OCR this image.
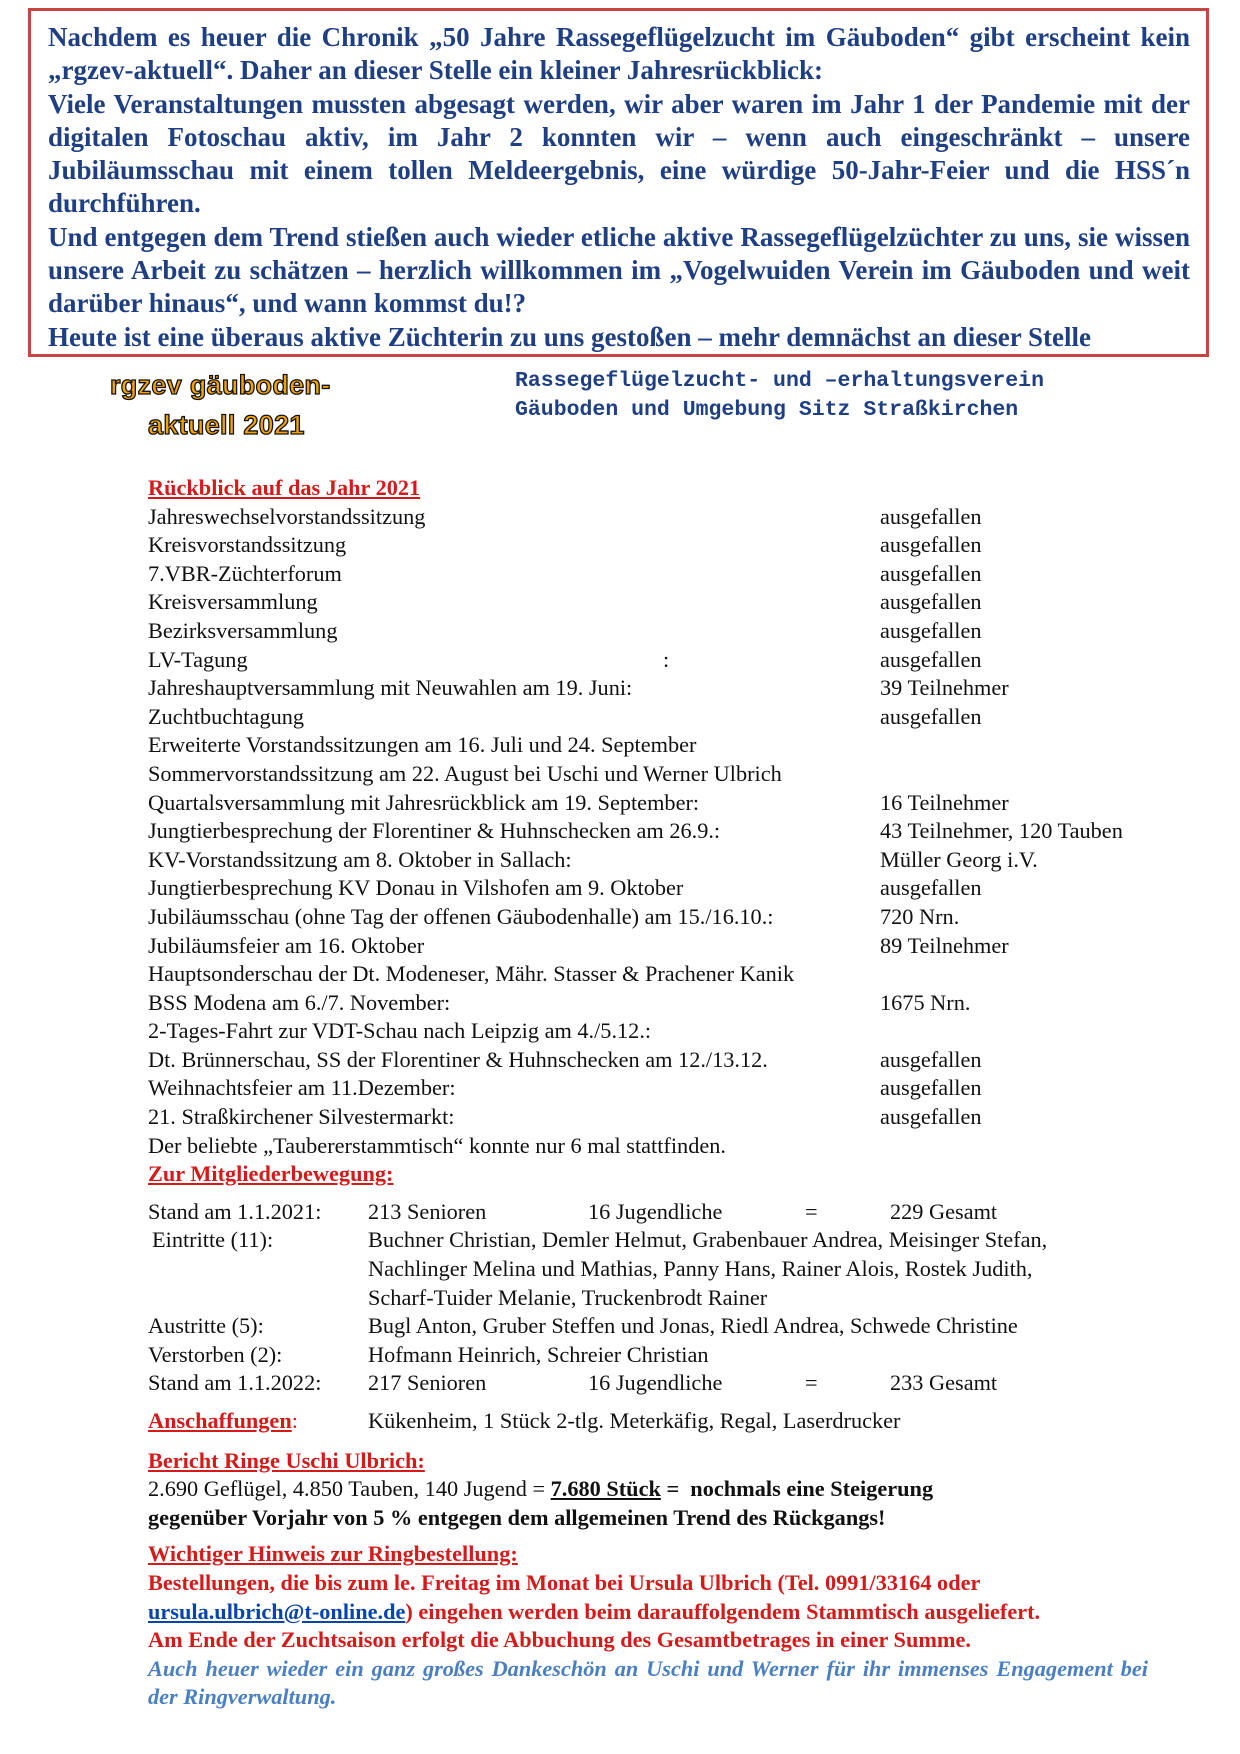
Nachdem es heuer die Chronik „50 Jahre Rassegeflügelzucht im Gäuboden“ gibt erscheint kein „rgzev-aktuell“. Daher an dieser Stelle ein kleiner Jahresrückblick:

Viele Veranstaltungen mussten abgesagt werden, wir aber waren im Jahr 1 der Pandemie mit der digitalen Fotoschau aktiv, im Jahr 2 konnten wir – wenn auch eingeschränkt – unsere Jubiläumsschau mit einem tollen Meldeergebnis, eine würdige 50-Jahr-Feier und die HSS´n durchführen.

Und entgegen dem Trend stießen auch wieder etliche aktive Rassegeflügelzüchter zu uns, sie wissen unsere Arbeit zu schätzen – herzlich willkommen im „Vogelwuiden Verein im Gäuboden und weit darüber hinaus“, und wann kommst du!?

Heute ist eine überaus aktive Züchterin zu uns gestoßen – mehr demnächst an dieser Stelle

rgzev gäuboden-
aktuell 2021
Rassegeflügelzucht- und –erhaltungsverein
Gäuboden und Umgebung Sitz Straßkirchen
Rückblick auf das Jahr 2021
Jahreswechselvorstandssitzung	ausgefallen
Kreisvorstandssitzung	ausgefallen
7.VBR-Züchterforum	ausgefallen
Kreisversammlung	ausgefallen
Bezirksversammlung	ausgefallen
LV-Tagung	:	ausgefallen
Jahreshauptversammlung mit Neuwahlen am 19. Juni:	39 Teilnehmer
Zuchtbuchtagung	ausgefallen
Erweiterte Vorstandssitzungen am 16. Juli und 24. September
Sommervorstandssitzung am 22. August bei Uschi und Werner Ulbrich
Quartalsversammlung mit Jahresrückblick am 19. September:	16 Teilnehmer
Jungtierbesprechung der Florentiner & Huhnschecken am 26.9.:	43 Teilnehmer, 120 Tauben
KV-Vorstandssitzung am 8. Oktober in Sallach:	Müller Georg i.V.
Jungtierbesprechung KV Donau in Vilshofen am 9. Oktober	ausgefallen
Jubiläumsschau (ohne Tag der offenen Gäubodenhalle) am 15./16.10.:	720 Nrn.
Jubiläumsfeier am 16. Oktober	89 Teilnehmer
Hauptsonderschau der Dt. Modeneser, Mähr. Stasser & Prachener Kanik
BSS Modena am 6./7. November:	1675 Nrn.
2-Tages-Fahrt zur VDT-Schau nach Leipzig am 4./5.12.:
Dt. Brünnerschau, SS der Florentiner & Huhnschecken am 12./13.12.	ausgefallen
Weihnachtsfeier am 11.Dezember:	ausgefallen
21. Straßkirchener Silvestermarkt:	ausgefallen
Der beliebte „Taubererstammtisch“ konnte nur 6 mal stattfinden.
Zur Mitgliederbewegung:
Stand am 1.1.2021: 213 Senioren	16 Jugendliche	=	229 Gesamt
Eintritte (11):	Buchner Christian, Demler Helmut, Grabenbauer Andrea, Meisinger Stefan,
Nachlinger Melina und Mathias, Panny Hans, Rainer Alois, Rostek Judith,
Scharf-Tuider Melanie, Truckenbrodt Rainer
Austritte (5):	Bugl Anton, Gruber Steffen und Jonas, Riedl Andrea, Schwede Christine
Verstorben (2):	Hofmann Heinrich, Schreier Christian
Stand am 1.1.2022: 217 Senioren	16 Jugendliche	=	233 Gesamt
Anschaffungen:	Kükenheim, 1 Stück 2-tlg. Meterkäfig, Regal, Laserdrucker
Bericht Ringe Uschi Ulbrich:
2.690 Geflügel, 4.850 Tauben, 140 Jugend = 7.680 Stück =  nochmals eine Steigerung
gegenüber Vorjahr von 5 % entgegen dem allgemeinen Trend des Rückgangs!
Wichtiger Hinweis zur Ringbestellung:
Bestellungen, die bis zum le. Freitag im Monat bei Ursula Ulbrich (Tel. 0991/33164 oder
ursula.ulbrich@t-online.de) eingehen werden beim darauffolgendem Stammtisch ausgeliefert.
Am Ende der Zuchtsaison erfolgt die Abbuchung des Gesamtbetrages in einer Summe.
Auch heuer wieder ein ganz großes Dankeschön an Uschi und Werner für ihr immenses Engagement bei der Ringverwaltung.
